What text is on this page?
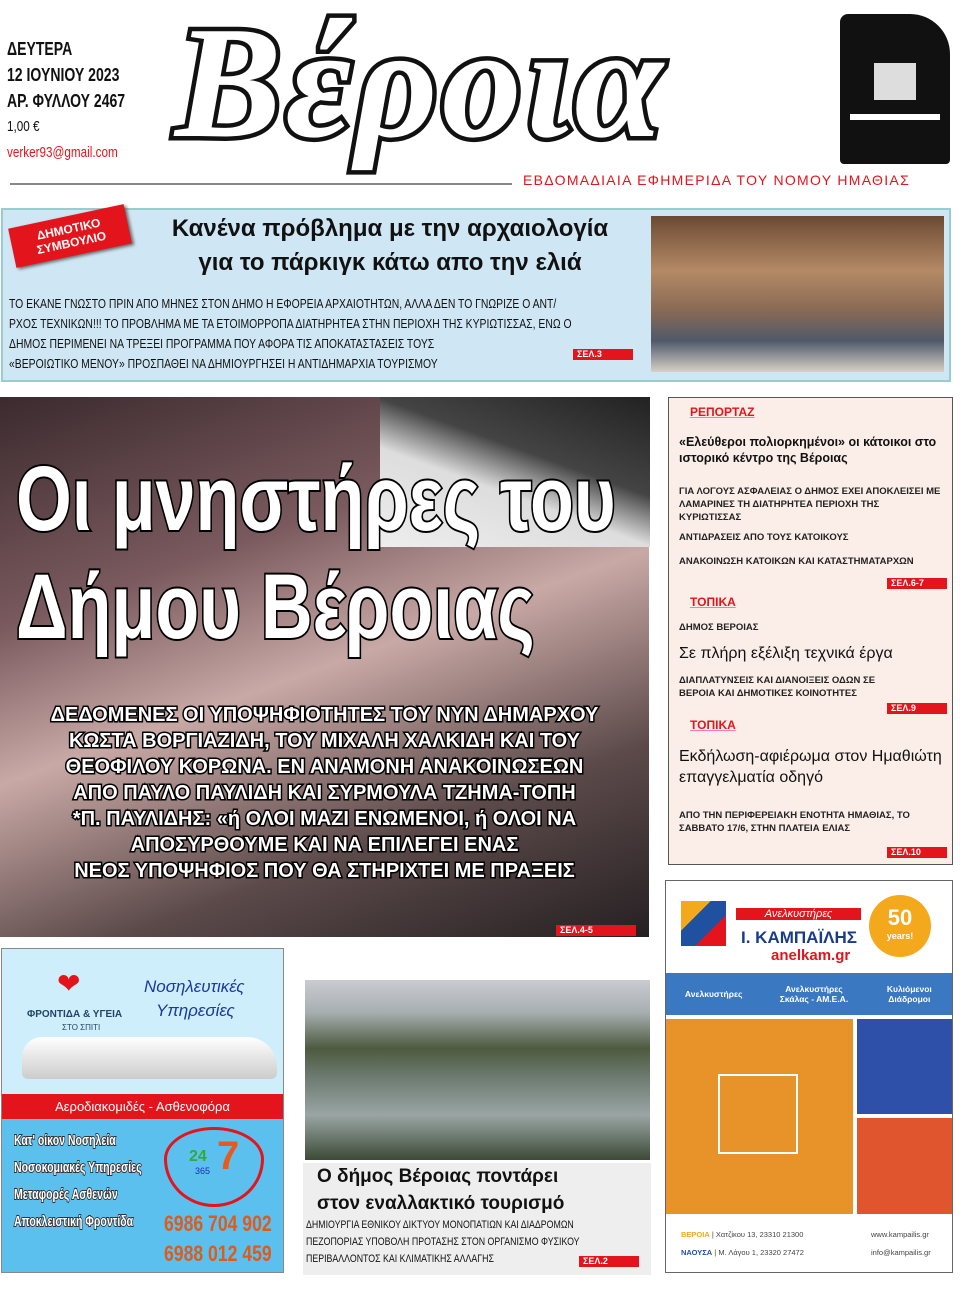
ΔΕΥΤΕΡΑ
12 ΙΟΥΝΙΟΥ 2023
ΑΡ. ΦΥΛΛΟΥ 2467
1,00 €
verker93@gmail.com Βέροια
ΕΒΔΟΜΑΔΙΑΙΑ ΕΦΗΜΕΡΙΔΑ ΤΟΥ ΝΟΜΟΥ ΗΜΑΘΙΑΣ
ΔΗΜΟΤΙΚΟ ΣΥΜΒΟΥΛΙΟ
Κανένα πρόβλημα με την αρχαιολογία
για το πάρκιγκ κάτω απο την ελιά
ΤΟ ΕΚΑΝΕ ΓΝΩΣΤΟ ΠΡΙΝ ΑΠΟ ΜΗΝΕΣ ΣΤΟΝ ΔΗΜΟ Η ΕΦΟΡΕΙΑ ΑΡΧΑΙΟΤΗΤΩΝ, ΑΛΛΑ ΔΕΝ ΤΟ ΓΝΩΡΙΖΕ Ο ΑΝΤ/
ΡΧΟΣ ΤΕΧΝΙΚΩΝ!!! ΤΟ ΠΡΟΒΛΗΜΑ ΜΕ ΤΑ ΕΤΟΙΜΟΡΡΟΠΑ ΔΙΑΤΗΡΗΤΕΑ ΣΤΗΝ ΠΕΡΙΟΧΗ ΤΗΣ ΚΥΡΙΩΤΙΣΣΑΣ, ΕΝΩ Ο
ΔΗΜΟΣ ΠΕΡΙΜΕΝΕΙ ΝΑ ΤΡΕΞΕΙ ΠΡΟΓΡΑΜΜΑ ΠΟΥ ΑΦΟΡΑ ΤΙΣ ΑΠΟΚΑΤΑΣΤΑΣΕΙΣ ΤΟΥΣ
«ΒΕΡΟΙΩΤΙΚΟ ΜΕΝΟΥ» ΠΡΟΣΠΑΘΕΙ ΝΑ ΔΗΜΙΟΥΡΓΗΣΕΙ Η ΑΝΤΙΔΗΜΑΡΧΙΑ ΤΟΥΡΙΣΜΟΥ
ΣΕΛ.3
Οι μνηστήρες του
Δήμου Βέροιας
ΔΕΔΟΜΕΝΕΣ ΟΙ ΥΠΟΨΗΦΙΟΤΗΤΕΣ ΤΟΥ ΝΥΝ ΔΗΜΑΡΧΟΥ
ΚΩΣΤΑ ΒΟΡΓΙΑΖΙΔΗ, ΤΟΥ ΜΙΧΑΛΗ ΧΑΛΚΙΔΗ ΚΑΙ ΤΟΥ
ΘΕΟΦΙΛΟΥ ΚΟΡΩΝΑ. ΕΝ ΑΝΑΜΟΝΗ ΑΝΑΚΟΙΝΩΣΕΩΝ
ΑΠΟ ΠΑΥΛΟ ΠΑΥΛΙΔΗ ΚΑΙ ΣΥΡΜΟΥΛΑ ΤΖΗΜΑ-ΤΟΠΗ
*Π. ΠΑΥΛΙΔΗΣ: «ή ΟΛΟΙ ΜΑΖΙ ΕΝΩΜΕΝΟΙ, ή ΟΛΟΙ ΝΑ
ΑΠΟΣΥΡΘΟΥΜΕ ΚΑΙ ΝΑ ΕΠΙΛΕΓΕΙ ΕΝΑΣ
ΝΕΟΣ ΥΠΟΨΗΦΙΟΣ ΠΟΥ ΘΑ ΣΤΗΡΙΧΤΕΙ ΜΕ ΠΡΑΞΕΙΣ
ΣΕΛ.4-5
ΡΕΠΟΡΤΑΖ
«Ελεύθεροι πολιορκημένοι» οι κάτοικοι στο ιστορικό κέντρο της Βέροιας
ΓΙΑ ΛΟΓΟΥΣ ΑΣΦΑΛΕΙΑΣ Ο ΔΗΜΟΣ ΕΧΕΙ ΑΠΟΚΛΕΙΣΕΙ ΜΕ ΛΑΜΑΡΙΝΕΣ ΤΗ ΔΙΑΤΗΡΗΤΕΑ ΠΕΡΙΟΧΗ ΤΗΣ ΚΥΡΙΩΤΙΣΣΑΣ
ΑΝΤΙΔΡΑΣΕΙΣ ΑΠΟ ΤΟΥΣ ΚΑΤΟΙΚΟΥΣ
ΑΝΑΚΟΙΝΩΣΗ ΚΑΤΟΙΚΩΝ ΚΑΙ ΚΑΤΑΣΤΗΜΑΤΑΡΧΩΝ
ΣΕΛ.6-7
ΤΟΠΙΚΑ
ΔΗΜΟΣ ΒΕΡΟΙΑΣ
Σε πλήρη εξέλιξη τεχνικά έργα
ΔΙΑΠΛΑΤΥΝΣΕΙΣ ΚΑΙ ΔΙΑΝΟΙΞΕΙΣ ΟΔΩΝ ΣΕ ΒΕΡΟΙΑ ΚΑΙ ΔΗΜΟΤΙΚΕΣ ΚΟΙΝΟΤΗΤΕΣ
ΣΕΛ.9
ΤΟΠΙΚΑ
Εκδήλωση-αφιέρωμα στον Ημαθιώτη επαγγελματία οδηγό
ΑΠΟ ΤΗΝ ΠΕΡΙΦΕΡΕΙΑΚΗ ΕΝΟΤΗΤΑ ΗΜΑΘΙΑΣ, ΤΟ ΣΑΒΒΑΤΟ 17/6, ΣΤΗΝ ΠΛΑΤΕΙΑ ΕΛΙΑΣ
ΣΕΛ.10
❤
ΦΡΟΝΤΙΔΑ & ΥΓΕΙΑ
ΣΤΟ ΣΠΙΤΙ
Νοσηλευτικές
Υπηρεσίες
Αεροδιακομιδές - Ασθενοφόρα
Κατ' οίκον Νοσηλεία
Νοσοκομιακές Υπηρεσίες
Μεταφορές Ασθενών
Αποκλειστική Φροντίδα
24
365 7
6986 704 902
6988 012 459
Ο δήμος Βέροιας ποντάρει
στον εναλλακτικό τουρισμό
ΔΗΜΙΟΥΡΓΙΑ ΕΘΝΙΚΟΥ ΔΙΚΤΥΟΥ ΜΟΝΟΠΑΤΙΩΝ ΚΑΙ ΔΙΑΔΡΟΜΩΝ
ΠΕΖΟΠΟΡΙΑΣ ΥΠΟΒΟΛΗ ΠΡΟΤΑΣΗΣ ΣΤΟΝ ΟΡΓΑΝΙΣΜΟ ΦΥΣΙΚΟΥ
ΠΕΡΙΒΑΛΛΟΝΤΟΣ ΚΑΙ ΚΛΙΜΑΤΙΚΗΣ ΑΛΛΑΓΗΣ	ΣΕΛ.2
Ανελκυστήρες
Ι. ΚΑΜΠΑΪΛΗΣ
anelkam.gr
50
years!
Ανελκυστήρες	Ανελκυστήρες Σκάλας - ΑΜ.Ε.Α.
Κυλιόμενοι Διάδρομοι
ΒΕΡΟΙΑ | Χατζίκου 13, 23310 21300
ΝΑΟΥΣΑ | Μ. Λάγου 1, 23320 27472
www.kampailis.gr
info@kampailis.gr
